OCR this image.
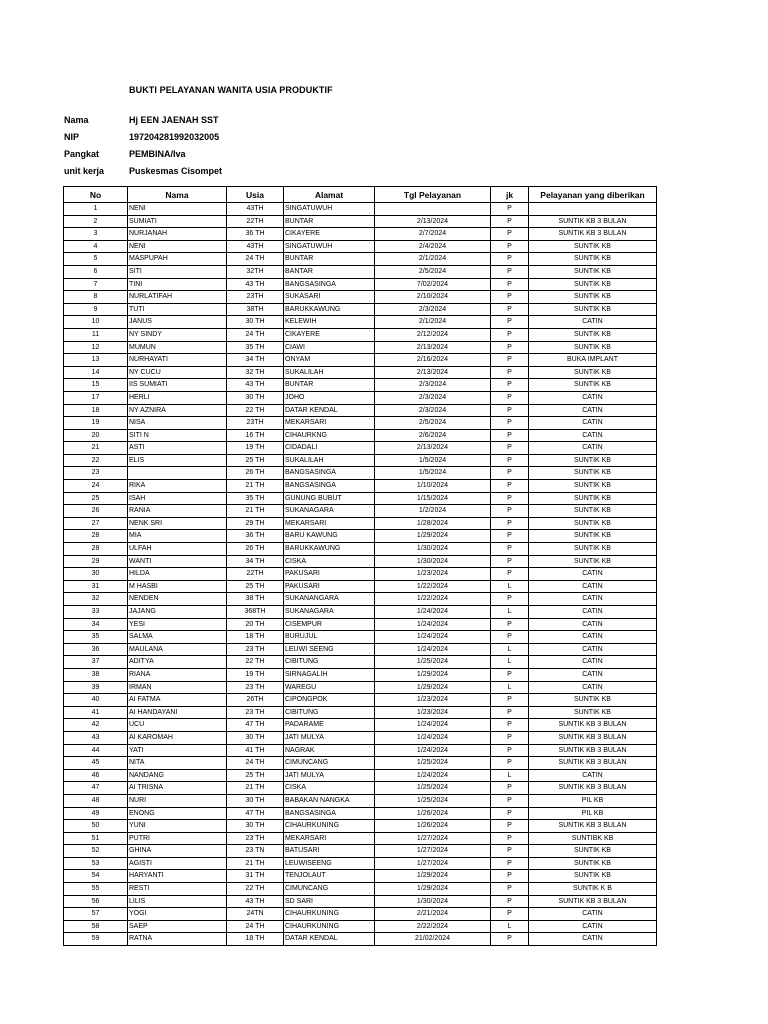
BUKTI PELAYANAN WANITA USIA PRODUKTIF
Nama	Hj EEN JAENAH SST
NIP	197204281992032005
Pangkat	PEMBINA/Iva
unit kerja	Puskesmas Cisompet
No	Nama	Usia	Alamat	Tgl Pelayanan	jk	Pelayanan yang diberikan
1	NENI	43TH	SINGATUWUH		P	
2	SUMIATI	22TH	BUNTAR	2/13/2024	P	SUNTIK KB 3 BULAN
3	NURJANAH	36 TH	CIKAYERE	2/7/2024	P	SUNTIK KB 3 BULAN
4	NENI	43TH	SINGATUWUH	2/4/2024	P	SUNTIK KB
5	MASPUPAH	24 TH	BUNTAR	2/1/2024	P	SUNTIK KB
6	SITI	32TH	BANTAR	2/5/2024	P	SUNTIK KB
7	TINI	43 TH	BANGSASINGA	7/02/2024	P	SUNTIK KB
8	NURLATIFAH	23TH	SUKASARI	2/10/2024	P	SUNTIK KB
9	TUTI	38TH	BARUKKAWUNG	2/3/2024	P	SUNTIK KB
10	JANUS	30 TH	KELEWIH	2/1/2024	P	CATIN
11	NY SINDY	24 TH	CIKAYERE	2/12/2024	P	SUNTIK KB
12	MUMUN	35 TH	CIAWI	2/13/2024	P	SUNTIK KB
13	NURHAYATI	34 TH	ONYAM	2/16/2024	P	BUKA IMPLANT
14	NY CUCU	32 TH	SUKALILAH	2/13/2024	P	SUNTIK KB
15	IIS SUMIATI	43 TH	BUNTAR	2/3/2024	P	SUNTIK KB
17	HERLI	30 TH	JOHO	2/3/2024	P	CATIN
18	NY AZNIRA	22 TH	DATAR KENDAL	2/3/2024	P	CATIN
19	NISA	23TH	MEKARSARI	2/5/2024	P	CATIN
20	SITI N	16 TH	CIHAURKNG	2/6/2024	P	CATIN
21	ASTI	19 TH	CIDADALI	2/13/2024	P	CATIN
22	ELIS	25 TH	SUKALILAH	1/5/2024	P	SUNTIK KB
23		26 TH	BANGSASINGA	1/5/2024	P	SUNTIK KB
24	RIKA	21 TH	BANGSASINGA	1/10/2024	P	SUNTIK KB
25	ISAH	35 TH	GUNUNG BUBUT	1/15/2024	P	SUNTIK KB
26	RANIA	21 TH	SUKANAGARA	1/2/2024	P	SUNTIK KB
27	NENK SRI	29 TH	MEKARSARI	1/28/2024	P	SUNTIK KB
28	MIA	36 TH	BARU KAWUNG	1/29/2024	P	SUNTIK KB
28	ULFAH	26 TH	BARUKKAWUNG	1/30/2024	P	SUNTIK KB
29	WANTI	34 TH	CISKA	1/30/2024	P	SUNTIK KB
30	HILDA	22TH	PAKUSARI	1/23/2024	P	CATIN
31	M HASBI	25 TH	PAKUSARI	1/22/2024	L	CATIN
32	NENDEN	38 TH	SUKANANGARA	1/22/2024	P	CATIN
33	JAJANG	368TH	SUKANAGARA	1/24/2024	L	CATIN
34	YESI	20 TH	CISEMPUR	1/24/2024	P	CATIN
35	SALMA	18 TH	BURUJUL	1/24/2024	P	CATIN
36	MAULANA	23 TH	LEUWI SEENG	1/24/2024	L	CATIN
37	ADITYA	22 TH	CIBITUNG	1/25/2024	L	CATIN
38	RIANA	19 TH	SIRNAGALIH	1/29/2024	P	CATIN
39	IRMAN	23 TH	WAREGU	1/29/2024	L	CATIN
40	AI FATMA	26TH	CIPONGPOK	1/23/2024	P	SUNTIK KB
41	AI HANDAYANI	23 TH	CIBITUNG	1/23/2024	P	SUNTIK KB
42	UCU	47 TH	PADARAME	1/24/2024	P	SUNTIK KB 3 BULAN
43	AI KAROMAH	30 TH	JATI MULYA	1/24/2024	P	SUNTIK KB 3 BULAN
44	YATI	41 TH	NAGRAK	1/24/2024	P	SUNTIK KB 3 BULAN
45	NITA	24 TH	CIMUNCANG	1/25/2024	P	SUNTIK KB 3 BULAN
46	NANDANG	25 TH	JATI MULYA	1/24/2024	L	CATIN
47	AI TRISNA	21 TH	CISKA	1/25/2024	P	SUNTIK KB 3 BULAN
48	NURI	30 TH	BABAKAN NANGKA	1/25/2024	P	PIL KB
49	ENONG	47 TH	BANGSASINGA	1/26/2024	P	PIL KB
50	YUNI	30 TH	CIHAURKUNING	1/26/2024	P	SUNTIK KB 3 BULAN
51	PUTRI	23 TH	MEKARSARI	1/27/2024	P	SUNTIBK KB
52	GHINA	23 TN	BATUSARI	1/27/2024	P	SUNTIK KB
53	AGISTI	21 TH	LEUWISEENG	1/27/2024	P	SUNTIK KB
54	HARYANTI	31 TH	TENJOLAUT	1/29/2024	P	SUNTIK KB
55	RESTI	22 TH	CIMUNCANG	1/29/2024	P	SUNTIK K B
56	LILIS	43 TH	SD SARI	1/30/2024	P	SUNTIK KB 3 BULAN
57	YOGI	24TN	CIHAURKUNING	2/21/2024	P	CATIN
58	SAEP	24 TH	CIHAURKUNING	2/22/2024	L	CATIN
59	RATNA	18 TH	DATAR KENDAL	21/02/2024	P	CATIN
